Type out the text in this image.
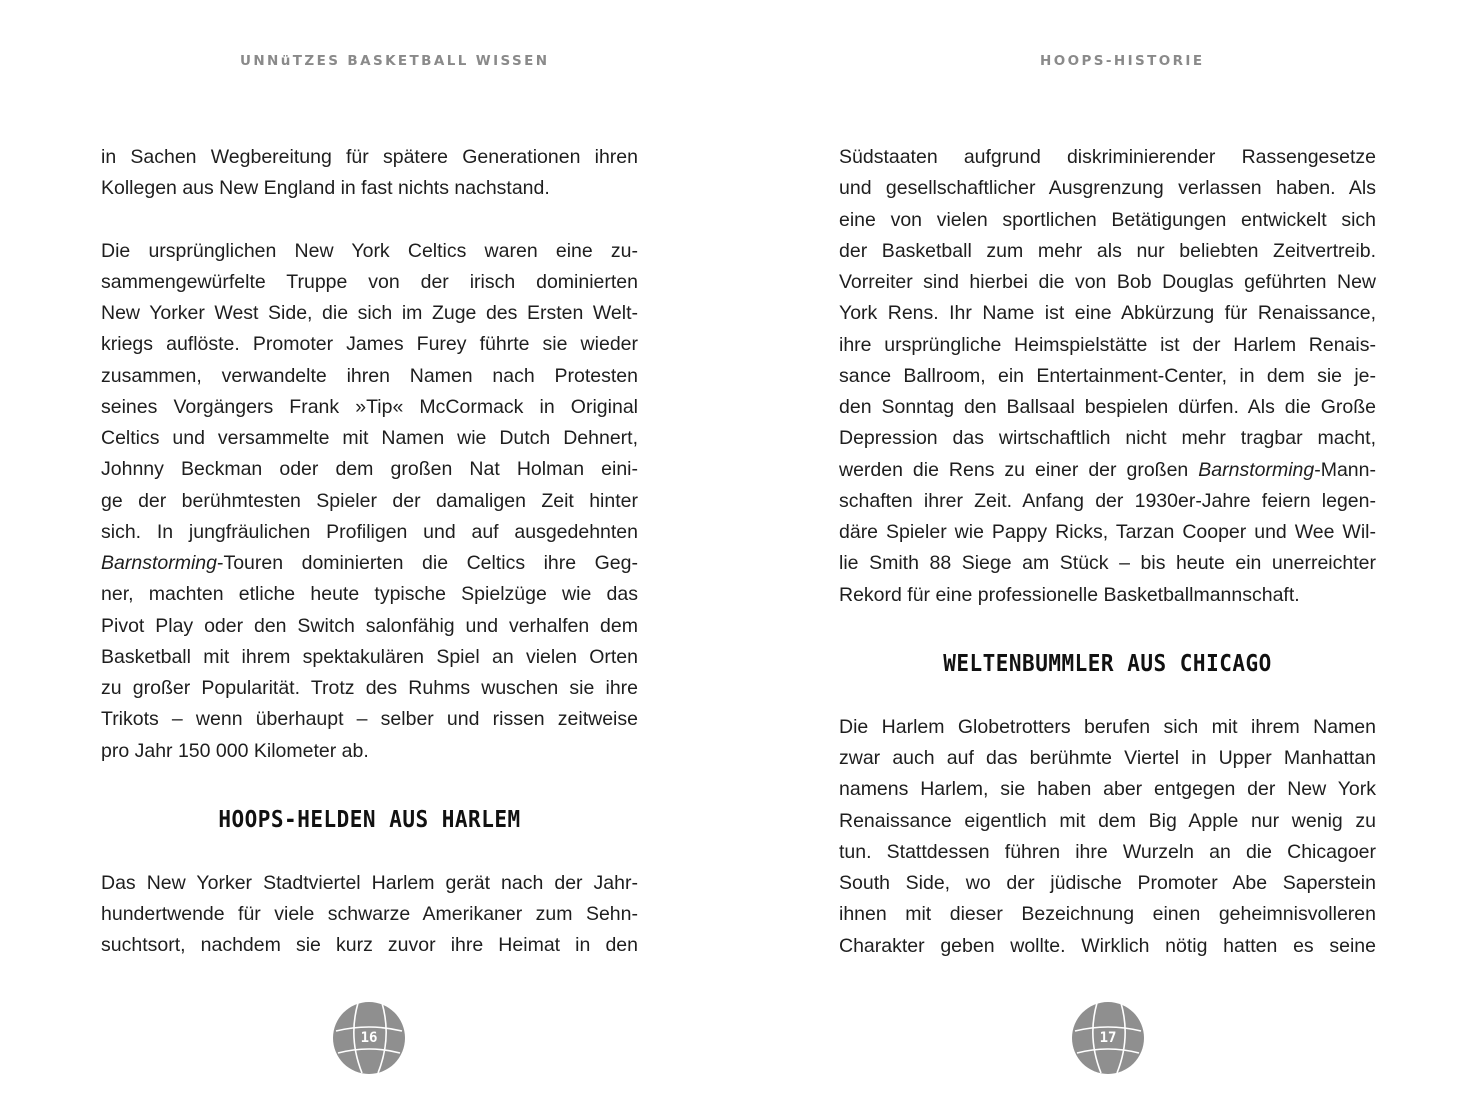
UNNüTZES BASKETBALL WISSEN

in Sachen Wegbereitung für spätere Generationen ihren
Kollegen aus New England in fast nichts nachstand.

Die ursprünglichen New York Celtics waren eine zu-
sammengewürfelte Truppe von der irisch dominierten
New Yorker West Side, die sich im Zuge des Ersten Welt-
kriegs auflöste. Promoter James Furey führte sie wieder
zusammen, verwandelte ihren Namen nach Protesten
seines Vorgängers Frank »Tip« McCormack in Original
Celtics und versammelte mit Namen wie Dutch Dehnert,
Johnny Beckman oder dem großen Nat Holman eini-
ge der berühmtesten Spieler der damaligen Zeit hinter
sich. In jungfräulichen Profiligen und auf ausgedehnten
Barnstorming-Touren dominierten die Celtics ihre Geg-
ner, machten etliche heute typische Spielzüge wie das
Pivot Play oder den Switch salonfähig und verhalfen dem
Basketball mit ihrem spektakulären Spiel an vielen Orten
zu großer Popularität. Trotz des Ruhms wuschen sie ihre
Trikots – wenn überhaupt – selber und rissen zeitweise
pro Jahr 150 000 Kilometer ab.

HOOPS-HELDEN AUS HARLEM

Das New Yorker Stadtviertel Harlem gerät nach der Jahr-
hundertwende für viele schwarze Amerikaner zum Sehn-
suchtsort, nachdem sie kurz zuvor ihre Heimat in den

16
HOOPS-HISTORIE

Südstaaten aufgrund diskriminierender Rassengesetze
und gesellschaftlicher Ausgrenzung verlassen haben. Als
eine von vielen sportlichen Betätigungen entwickelt sich
der Basketball zum mehr als nur beliebten Zeitvertreib.
Vorreiter sind hierbei die von Bob Douglas geführten New
York Rens. Ihr Name ist eine Abkürzung für Renaissance,
ihre ursprüngliche Heimspielstätte ist der Harlem Renais-
sance Ballroom, ein Entertainment-Center, in dem sie je-
den Sonntag den Ballsaal bespielen dürfen. Als die Große
Depression das wirtschaftlich nicht mehr tragbar macht,
werden die Rens zu einer der großen Barnstorming-Mann-
schaften ihrer Zeit. Anfang der 1930er-Jahre feiern legen-
däre Spieler wie Pappy Ricks, Tarzan Cooper und Wee Wil-
lie Smith 88 Siege am Stück – bis heute ein unerreichter
Rekord für eine professionelle Basketballmannschaft.

WELTENBUMMLER AUS CHICAGO

Die Harlem Globetrotters berufen sich mit ihrem Namen
zwar auch auf das berühmte Viertel in Upper Manhattan
namens Harlem, sie haben aber entgegen der New York
Renaissance eigentlich mit dem Big Apple nur wenig zu
tun. Stattdessen führen ihre Wurzeln an die Chicagoer
South Side, wo der jüdische Promoter Abe Saperstein
ihnen mit dieser Bezeichnung einen geheimnisvolleren
Charakter geben wollte. Wirklich nötig hatten es seine

17
